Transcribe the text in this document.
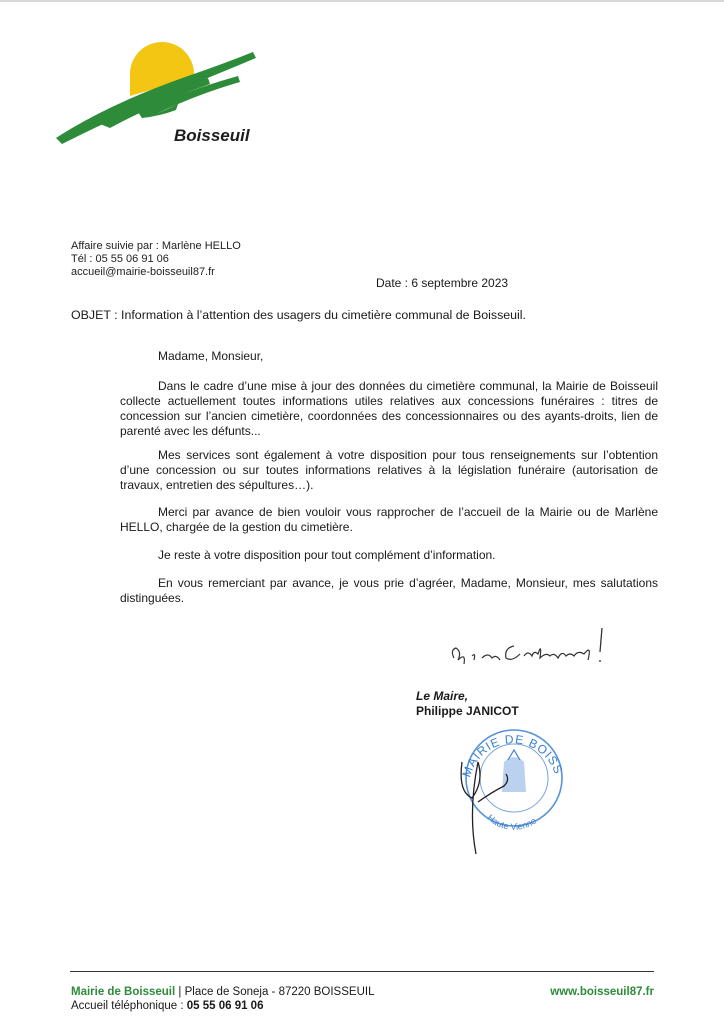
Boisseuil
Affaire suivie par : Marlène HELLO
Tél : 05 55 06 91 06
accueil@mairie-boisseuil87.fr
Date : 6 septembre 2023
OBJET : Information à l’attention des usagers du cimetière communal de Boisseuil.
Madame, Monsieur,
Dans le cadre d’une mise à jour des données du cimetière communal, la Mairie de Boisseuil collecte actuellement toutes informations utiles relatives aux concessions funéraires : titres de concession sur l’ancien cimetière, coordonnées des concessionnaires ou des ayants-droits, lien de parenté avec les défunts...
Mes services sont également à votre disposition pour tous renseignements sur l’obtention d’une concession ou sur toutes informations relatives à la législation funéraire (autorisation de travaux, entretien des sépultures…).
Merci par avance de bien vouloir vous rapprocher de l’accueil de la Mairie ou de Marlène HELLO, chargée de la gestion du cimetière.
Je reste à votre disposition pour tout complément d’information.
En vous remerciant par avance, je vous prie d’agréer, Madame, Monsieur, mes salutations distinguées.
Le Maire,
Philippe JANICOT
MAIRIE DE BOISS
Haute Vienne
Mairie de Boisseuil | Place de Soneja - 87220 BOISSEUIL
Accueil téléphonique : 05 55 06 91 06
www.boisseuil87.fr
